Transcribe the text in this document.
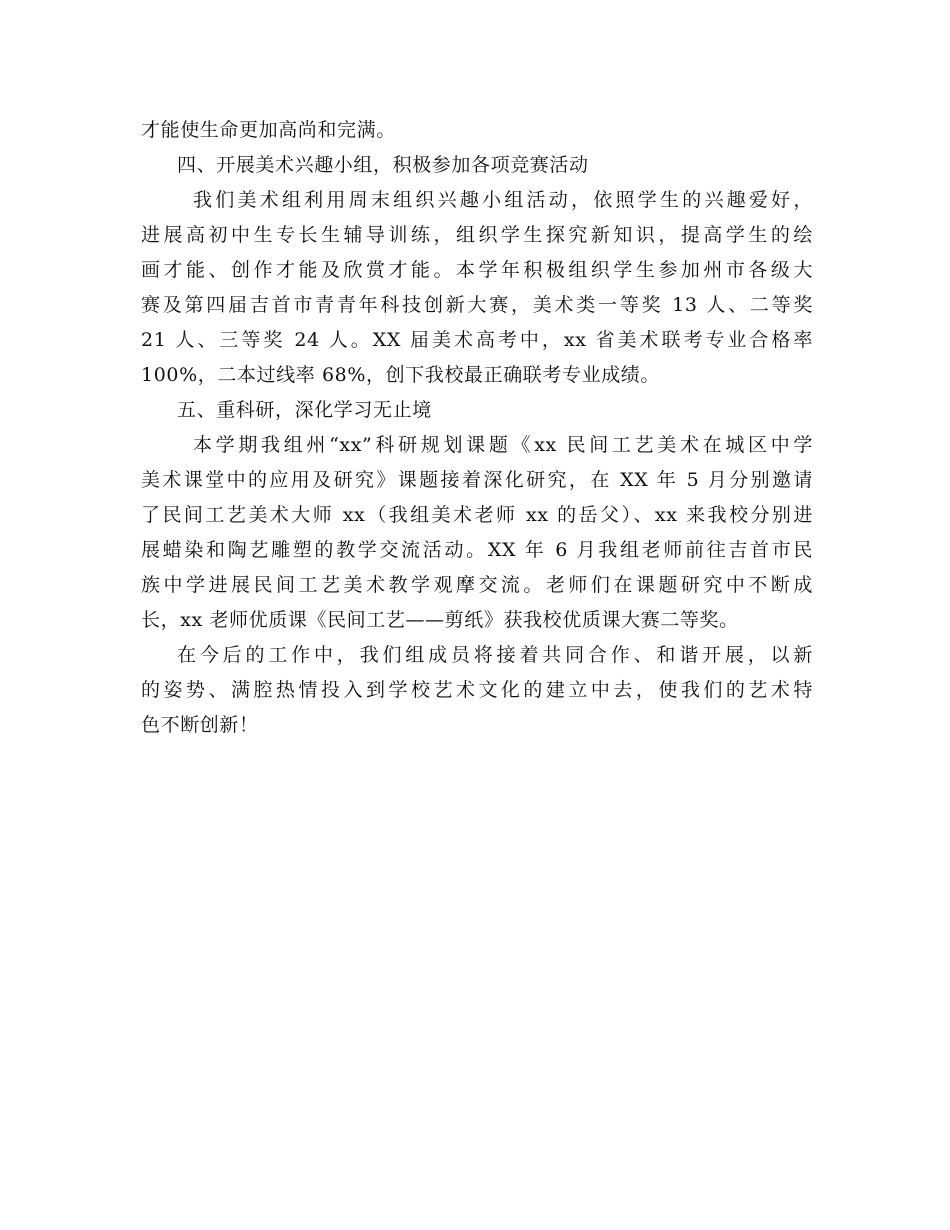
才能使生命更加高尚和完满。
四、开展美术兴趣小组，积极参加各项竞赛活动
我们美术组利用周末组织兴趣小组活动，依照学生的兴趣爱好，
进展高初中生专长生辅导训练，组织学生探究新知识，提高学生的绘
画才能、创作才能及欣赏才能。本学年积极组织学生参加州市各级大
赛及第四届吉首市青青年科技创新大赛，美术类一等奖 13 人、二等奖
21 人、三等奖 24 人。XX 届美术高考中，xx 省美术联考专业合格率
100%，二本过线率 68%，创下我校最正确联考专业成绩。
五、重科研，深化学习无止境
本学期我组州“xx”科研规划课题《xx 民间工艺美术在城区中学
美术课堂中的应用及研究》课题接着深化研究，在 XX 年 5 月分别邀请
了民间工艺美术大师 xx（我组美术老师 xx 的岳父）、xx 来我校分别进
展蜡染和陶艺雕塑的教学交流活动。XX 年 6 月我组老师前往吉首市民
族中学进展民间工艺美术教学观摩交流。老师们在课题研究中不断成
长，xx 老师优质课《民间工艺——剪纸》获我校优质课大赛二等奖。
在今后的工作中，我们组成员将接着共同合作、和谐开展，以新
的姿势、满腔热情投入到学校艺术文化的建立中去，使我们的艺术特
色不断创新！
